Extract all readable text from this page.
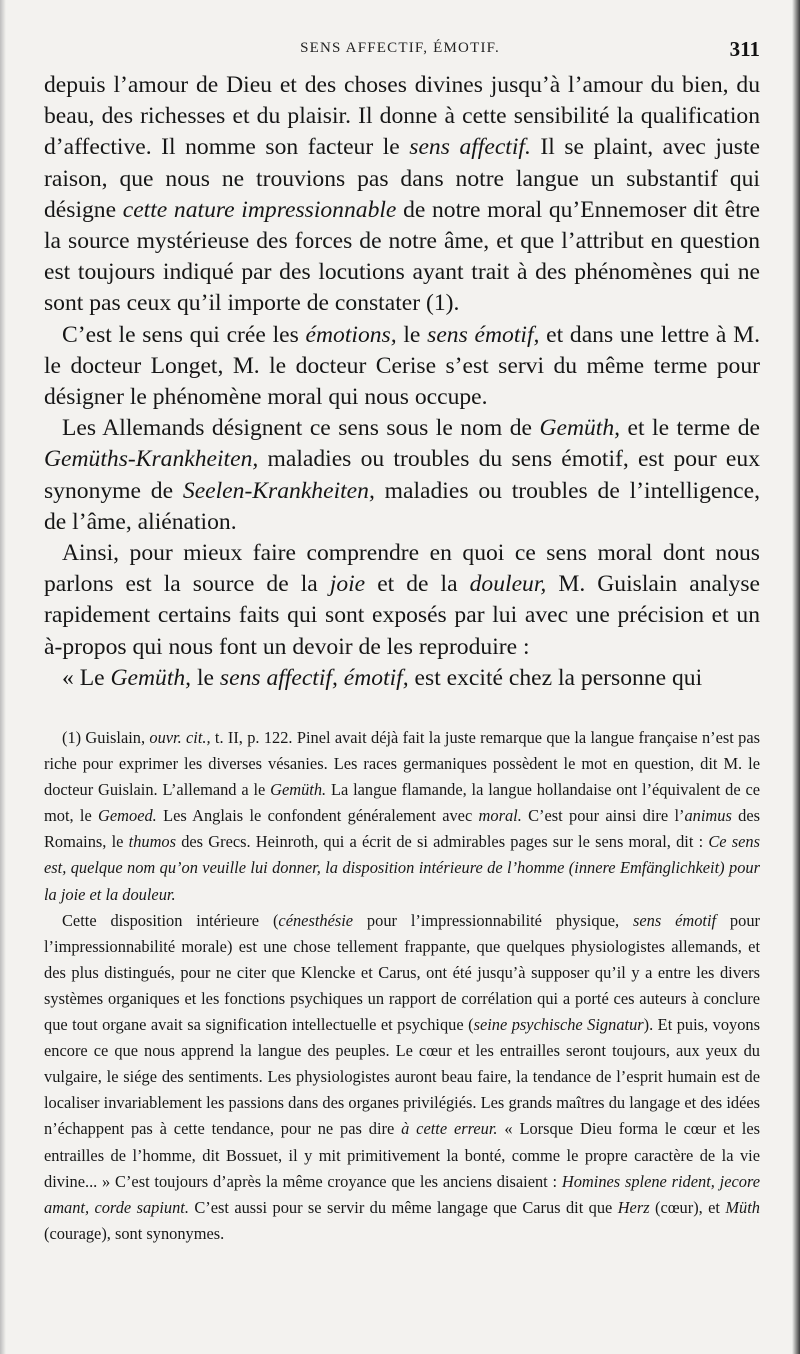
SENS AFFECTIF, ÉMOTIF.	311

depuis l’amour de Dieu et des choses divines jusqu’à l’amour du bien, du beau, des richesses et du plaisir. Il donne à cette sensibilité la qualification d’affective. Il nomme son facteur le sens affectif. Il se plaint, avec juste raison, que nous ne trouvions pas dans notre langue un substantif qui désigne cette nature impressionnable de notre moral qu’Ennemoser dit être la source mystérieuse des forces de notre âme, et que l’attribut en question est toujours indiqué par des locutions ayant trait à des phénomènes qui ne sont pas ceux qu’il importe de constater (1).

C’est le sens qui crée les émotions, le sens émotif, et dans une lettre à M. le docteur Longet, M. le docteur Cerise s’est servi du même terme pour désigner le phénomène moral qui nous occupe.

Les Allemands désignent ce sens sous le nom de Gemüth, et le terme de Gemüths-Krankheiten, maladies ou troubles du sens émotif, est pour eux synonyme de Seelen-Krankheiten, maladies ou troubles de l’intelligence, de l’âme, aliénation.

Ainsi, pour mieux faire comprendre en quoi ce sens moral dont nous parlons est la source de la joie et de la douleur, M. Guislain analyse rapidement certains faits qui sont exposés par lui avec une précision et un à-propos qui nous font un devoir de les reproduire :

« Le Gemüth, le sens affectif, émotif, est excité chez la personne qui

(1) Guislain, ouvr. cit., t. II, p. 122. Pinel avait déjà fait la juste remarque que la langue française n’est pas riche pour exprimer les diverses vésanies. Les races germaniques possèdent le mot en question, dit M. le docteur Guislain. L’allemand a le Gemüth. La langue flamande, la langue hollandaise ont l’équivalent de ce mot, le Gemoed. Les Anglais le confondent généralement avec moral. C’est pour ainsi dire l’animus des Romains, le thumos des Grecs. Heinroth, qui a écrit de si admirables pages sur le sens moral, dit : Ce sens est, quelque nom qu’on veuille lui donner, la disposition intérieure de l’homme (innere Emfänglichkeit) pour la joie et la douleur.

Cette disposition intérieure (cénesthésie pour l’impressionnabilité physique, sens émotif pour l’impressionnabilité morale) est une chose tellement frappante, que quelques physiologistes allemands, et des plus distingués, pour ne citer que Klencke et Carus, ont été jusqu’à supposer qu’il y a entre les divers systèmes organiques et les fonctions psychiques un rapport de corrélation qui a porté ces auteurs à conclure que tout organe avait sa signification intellectuelle et psychique (seine psychische Signatur). Et puis, voyons encore ce que nous apprend la langue des peuples. Le cœur et les entrailles seront toujours, aux yeux du vulgaire, le siége des sentiments. Les physiologistes auront beau faire, la tendance de l’esprit humain est de localiser invariablement les passions dans des organes privilégiés. Les grands maîtres du langage et des idées n’échappent pas à cette tendance, pour ne pas dire à cette erreur. « Lorsque Dieu forma le cœur et les entrailles de l’homme, dit Bossuet, il y mit primitivement la bonté, comme le propre caractère de la vie divine... » C’est toujours d’après la même croyance que les anciens disaient : Homines splene rident, jecore amant, corde sapiunt. C’est aussi pour se servir du même langage que Carus dit que Herz (cœur), et Müth (courage), sont synonymes.
